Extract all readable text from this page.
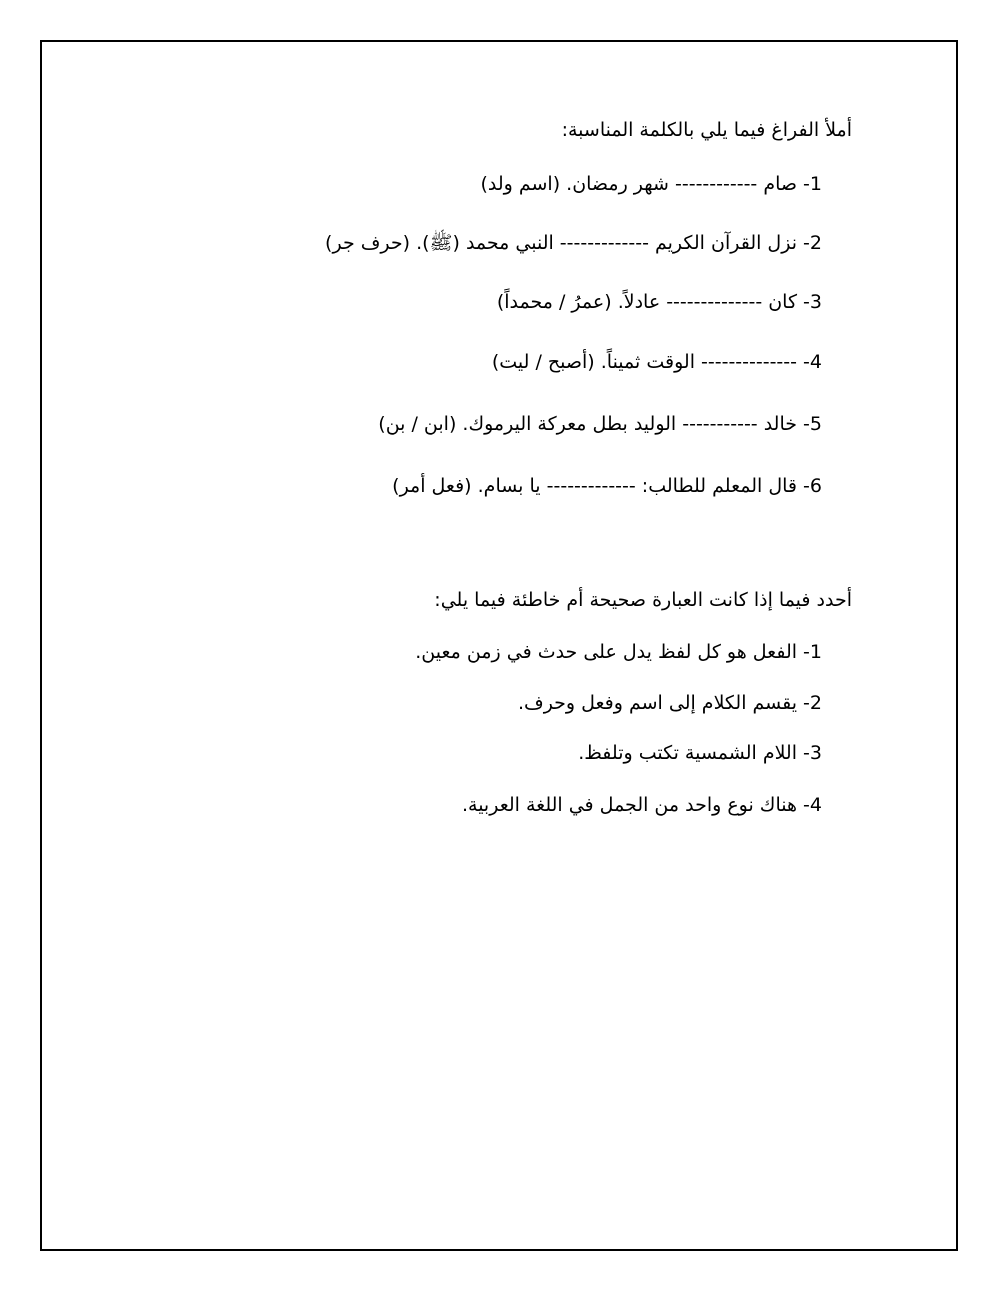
أملأ الفراغ فيما يلي بالكلمة المناسبة:
1- صام ------------ شهر رمضان. (اسم ولد)
2- نزل القرآن الكريم ------------- النبي محمد (ﷺ). (حرف جر)
3- كان -------------- عادلاً. (عمرُ / محمداً)
4- -------------- الوقت ثميناً. (أصبح / ليت)
5- خالد ----------- الوليد بطل معركة اليرموك. (ابن / بن)
6- قال المعلم للطالب: ------------- يا بسام. (فعل أمر)
أحدد فيما إذا كانت العبارة صحيحة أم خاطئة فيما يلي:
1- الفعل هو كل لفظ يدل على حدث في زمن معين.
2- يقسم الكلام إلى اسم وفعل وحرف.
3- اللام الشمسية تكتب وتلفظ.
4- هناك نوع واحد من الجمل في اللغة العربية.
